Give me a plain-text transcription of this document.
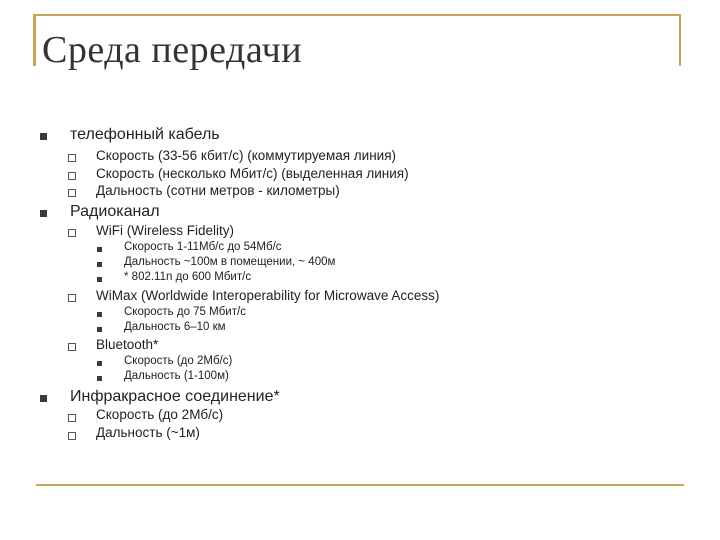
Среда передачи
телефонный кабель
Скорость (33-56 кбит/с) (коммутируемая линия)
Скорость (несколько Мбит/с) (выделенная линия)
Дальность (сотни метров - километры)
Радиоканал
WiFi (Wireless Fidelity)
Скорость 1-11Мб/с до 54Мб/с
Дальность ~100м в помещении, ~ 400м
* 802.11n до 600 Мбит/с
WiMax (Worldwide Interoperability for Microwave Access)
Скорость до 75 Мбит/с
Дальность 6–10 км
Bluetooth*
Скорость (до 2Мб/с)
Дальность (1-100м)
Инфракрасное соединение*
Скорость (до 2Мб/с)
Дальность (~1м)
